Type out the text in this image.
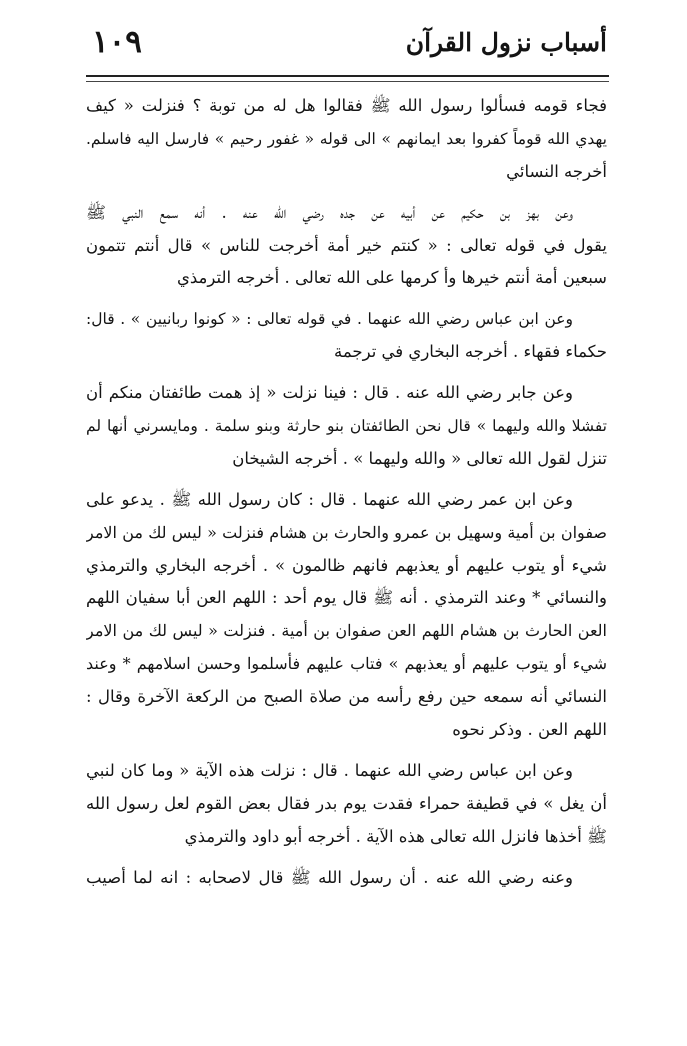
أسباب نزول القرآن
١٠٩
فجاء قومه فسألوا رسول الله ﷺ فقالوا هل له من توبة ؟ فنزلت « كيف
يهدي الله قوماً كفروا بعد ايمانهم » الى قوله « غفور رحيم » فارسل اليه فاسلم.
أخرجه النسائي
وعن بهز بن حكيم عن أبيه عن جده رضي الله عنه . أنه سمع النبي ﷺ
يقول في قوله تعالى : « كنتم خير أمة أخرجت للناس » قال أنتم تتمون
سبعين أمة أنتم خيرها وأ كرمها على الله تعالى . أخرجه الترمذي
وعن ابن عباس رضي الله عنهما . في قوله تعالى : « كونوا ربانيين » . قال:
حكماء فقهاء . أخرجه البخاري في ترجمة
وعن جابر رضي الله عنه . قال : فينا نزلت « إذ همت طائفتان منكم أن
تفشلا والله وليهما » قال نحن الطائفتان بنو حارثة وبنو سلمة . ومايسرني أنها لم
تنزل لقول الله تعالى « والله وليهما » . أخرجه الشيخان
وعن ابن عمر رضي الله عنهما . قال : كان رسول الله ﷺ . يدعو على
صفوان بن أمية وسهيل بن عمرو والحارث بن هشام فنزلت « ليس لك من الامر
شيء أو يتوب عليهم أو يعذبهم فانهم ظالمون » . أخرجه البخاري والترمذي
والنسائي * وعند الترمذي . أنه ﷺ قال يوم أحد : اللهم العن أبا سفيان اللهم
العن الحارث بن هشام اللهم العن صفوان بن أمية . فنزلت « ليس لك من الامر
شيء أو يتوب عليهم أو يعذبهم » فتاب عليهم فأسلموا وحسن اسلامهم * وعند
النسائي أنه سمعه حين رفع رأسه من صلاة الصبح من الركعة الآخرة وقال :
اللهم العن . وذكر نحوه
وعن ابن عباس رضي الله عنهما . قال : نزلت هذه الآية « وما كان لنبي
أن يغل » في قطيفة حمراء فقدت يوم بدر فقال بعض القوم لعل رسول الله
ﷺ أخذها فانزل الله تعالى هذه الآية . أخرجه أبو داود والترمذي
وعنه رضي الله عنه . أن رسول الله ﷺ قال لاصحابه : انه لما أصيب
